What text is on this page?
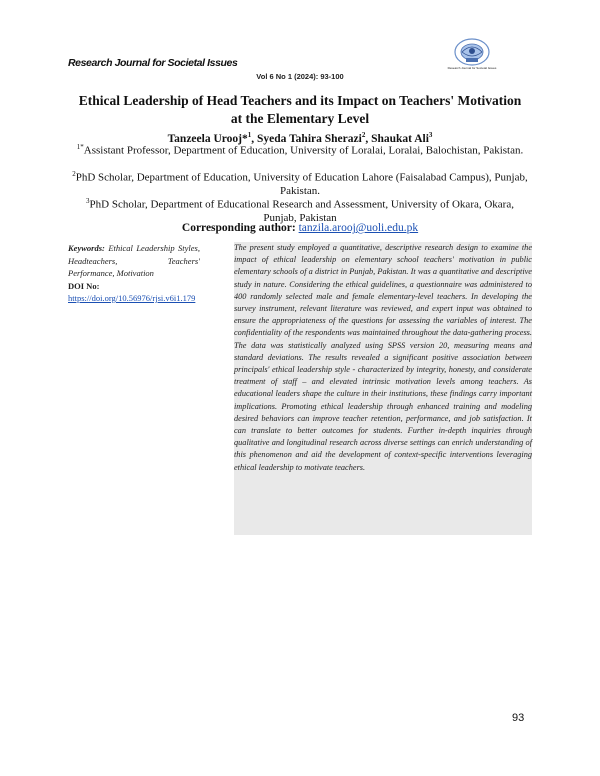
Research Journal for Societal Issues	Research Journal for Societal Issues
Vol 6 No 1 (2024): 93-100
Ethical Leadership of Head Teachers and its Impact on Teachers' Motivation
at the Elementary Level
Tanzeela Urooj*$^1$, Syeda Tahira Sherazi$^2$, Shaukat Ali$^3$
$^{1*}$Assistant Professor, Department of Education, University of Loralai, Loralai, Balochistan, Pakistan.
$^2$PhD Scholar, Department of Education, University of Education Lahore (Faisalabad Campus), Punjab, Pakistan.
$^3$PhD Scholar, Department of Educational Research and Assessment, University of Okara, Okara, Punjab, Pakistan
Corresponding author: tanzila.arooj@uoli.edu.pk
Keywords: Ethical Leadership Styles, Headteachers, Teachers' Performance, Motivation
DOI No:
https://doi.org/10.56976/rjsi.v6i1.179
The present study employed a quantitative, descriptive research design to examine the impact of ethical leadership on elementary school teachers' motivation in public elementary schools of a district in Punjab, Pakistan. It was a quantitative and descriptive study in nature. Considering the ethical guidelines, a questionnaire was administered to 400 randomly selected male and female elementary-level teachers. In developing the survey instrument, relevant literature was reviewed, and expert input was obtained to ensure the appropriateness of the questions for assessing the variables of interest. The confidentiality of the respondents was maintained throughout the data-gathering process. The data was statistically analyzed using SPSS version 20, measuring means and standard deviations. The results revealed a significant positive association between principals' ethical leadership style - characterized by integrity, honesty, and considerate treatment of staff – and elevated intrinsic motivation levels among teachers. As educational leaders shape the culture in their institutions, these findings carry important implications. Promoting ethical leadership through enhanced training and modeling desired behaviors can improve teacher retention, performance, and job satisfaction. It can translate to better outcomes for students. Further in-depth inquiries through qualitative and longitudinal research across diverse settings can enrich understanding of this phenomenon and aid the development of context-specific interventions leveraging ethical leadership to motivate teachers.
93
